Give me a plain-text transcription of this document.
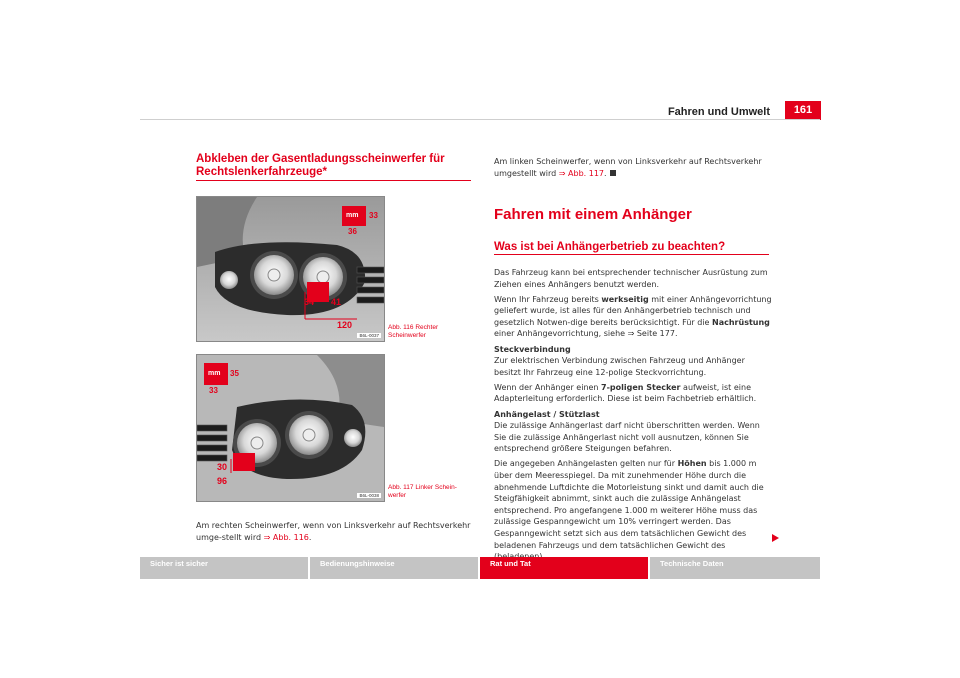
Fahren und Umwelt	161
Abkleben der Gasentladungsscheinwerfer für Rechtslenkerfahrzeuge*
mm 33
36
34 41
120
B6L-0037
Abb. 116 Rechter Scheinwerfer
mm 35
33
30
96
B6L-0038
Abb. 117 Linker Schein-werfer
Am rechten Scheinwerfer, wenn von Linksverkehr auf Rechtsverkehr umge-stellt wird ⇒ Abb. 116.
Am linken Scheinwerfer, wenn von Linksverkehr auf Rechtsverkehr umgestellt wird ⇒ Abb. 117.
Fahren mit einem Anhänger
Was ist bei Anhängerbetrieb zu beachten?

Das Fahrzeug kann bei entsprechender technischer Ausrüstung zum Ziehen eines Anhängers benutzt werden.

Wenn Ihr Fahrzeug bereits werkseitig mit einer Anhängevorrichtung geliefert wurde, ist alles für den Anhängerbetrieb technisch und gesetzlich Notwen-dige bereits berücksichtigt. Für die Nachrüstung einer Anhängevorrichtung, siehe ⇒ Seite 177.

Steckverbindung

Zur elektrischen Verbindung zwischen Fahrzeug und Anhänger besitzt Ihr Fahrzeug eine 12-polige Steckvorrichtung.

Wenn der Anhänger einen 7-poligen Stecker aufweist, ist eine Adapterleitung erforderlich. Diese ist beim Fachbetrieb erhältlich.

Anhängelast / Stützlast

Die zulässige Anhängerlast darf nicht überschritten werden. Wenn Sie die zulässige Anhängerlast nicht voll ausnutzen, können Sie entsprechend größere Steigungen befahren.

Die angegeben Anhängelasten gelten nur für Höhen bis 1.000 m über dem Meeresspiegel. Da mit zunehmender Höhe durch die abnehmende Luftdichte die Motorleistung sinkt und damit auch die Steigfähigkeit abnimmt, sinkt auch die zulässige Anhängelast entsprechend. Pro angefangene 1.000 m weiterer Höhe muss das zulässige Gespanngewicht um 10% verringert werden. Das Gespanngewicht setzt sich aus dem tatsächlichen Gewicht des beladenen Fahrzeugs und dem tatsächlichen Gewicht des

Sicher ist sicher	Bedienungshinweise	Rat und Tat	Technische Daten
